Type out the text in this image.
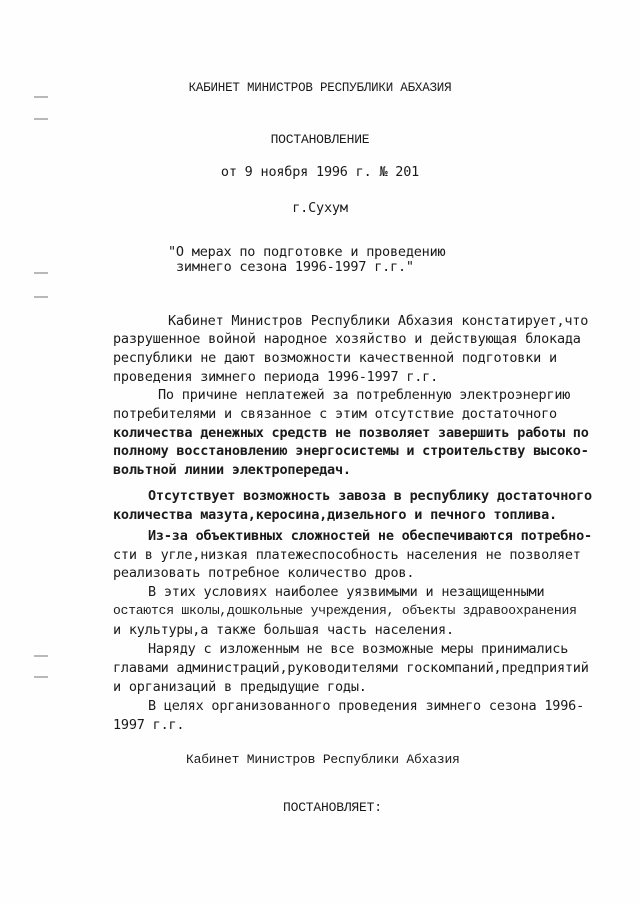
КАБИНЕТ МИНИСТРОВ РЕСПУБЛИКИ АБХАЗИЯ
ПОСТАНОВЛЕНИЕ
от 9 ноября 1996 г. № 201
г.Сухум
"О мерах по подготовке и проведению
зимнего сезона 1996-1997 г.г."
Кабинет Министров Республики Абхазия констатирует,что
разрушенное войной народное хозяйство и действующая блокада
республики не дают возможности качественной подготовки и
проведения зимнего периода 1996-1997 г.г.
По причине неплатежей за потребленную электроэнергию
потребителями и связанное с этим отсутствие достаточного
количества денежных средств не позволяет завершить работы по
полному восстановлению энергосистемы и строительству высоко-
вольтной линии электропередач.
Отсутствует возможность завоза в республику достаточного
количества мазута,керосина,дизельного и печного топлива.
Из-за объективных сложностей не обеспечиваются потребно-
сти в угле,низкая платежеспособность населения не позволяет
реализовать потребное количество дров.
В этих условиях наиболее уязвимыми и незащищенными
остаются школы,дошкольные учреждения, объекты здравоохранения
и культуры,а также большая часть населения.
Наряду с изложенным не все возможные меры принимались
главами администраций,руководителями госкомпаний,предприятий
и организаций в предыдущие годы.
В целях организованного проведения зимнего сезона 1996-
1997 г.г.
Кабинет Министров Республики Абхазия
ПОСТАНОВЛЯЕТ:
